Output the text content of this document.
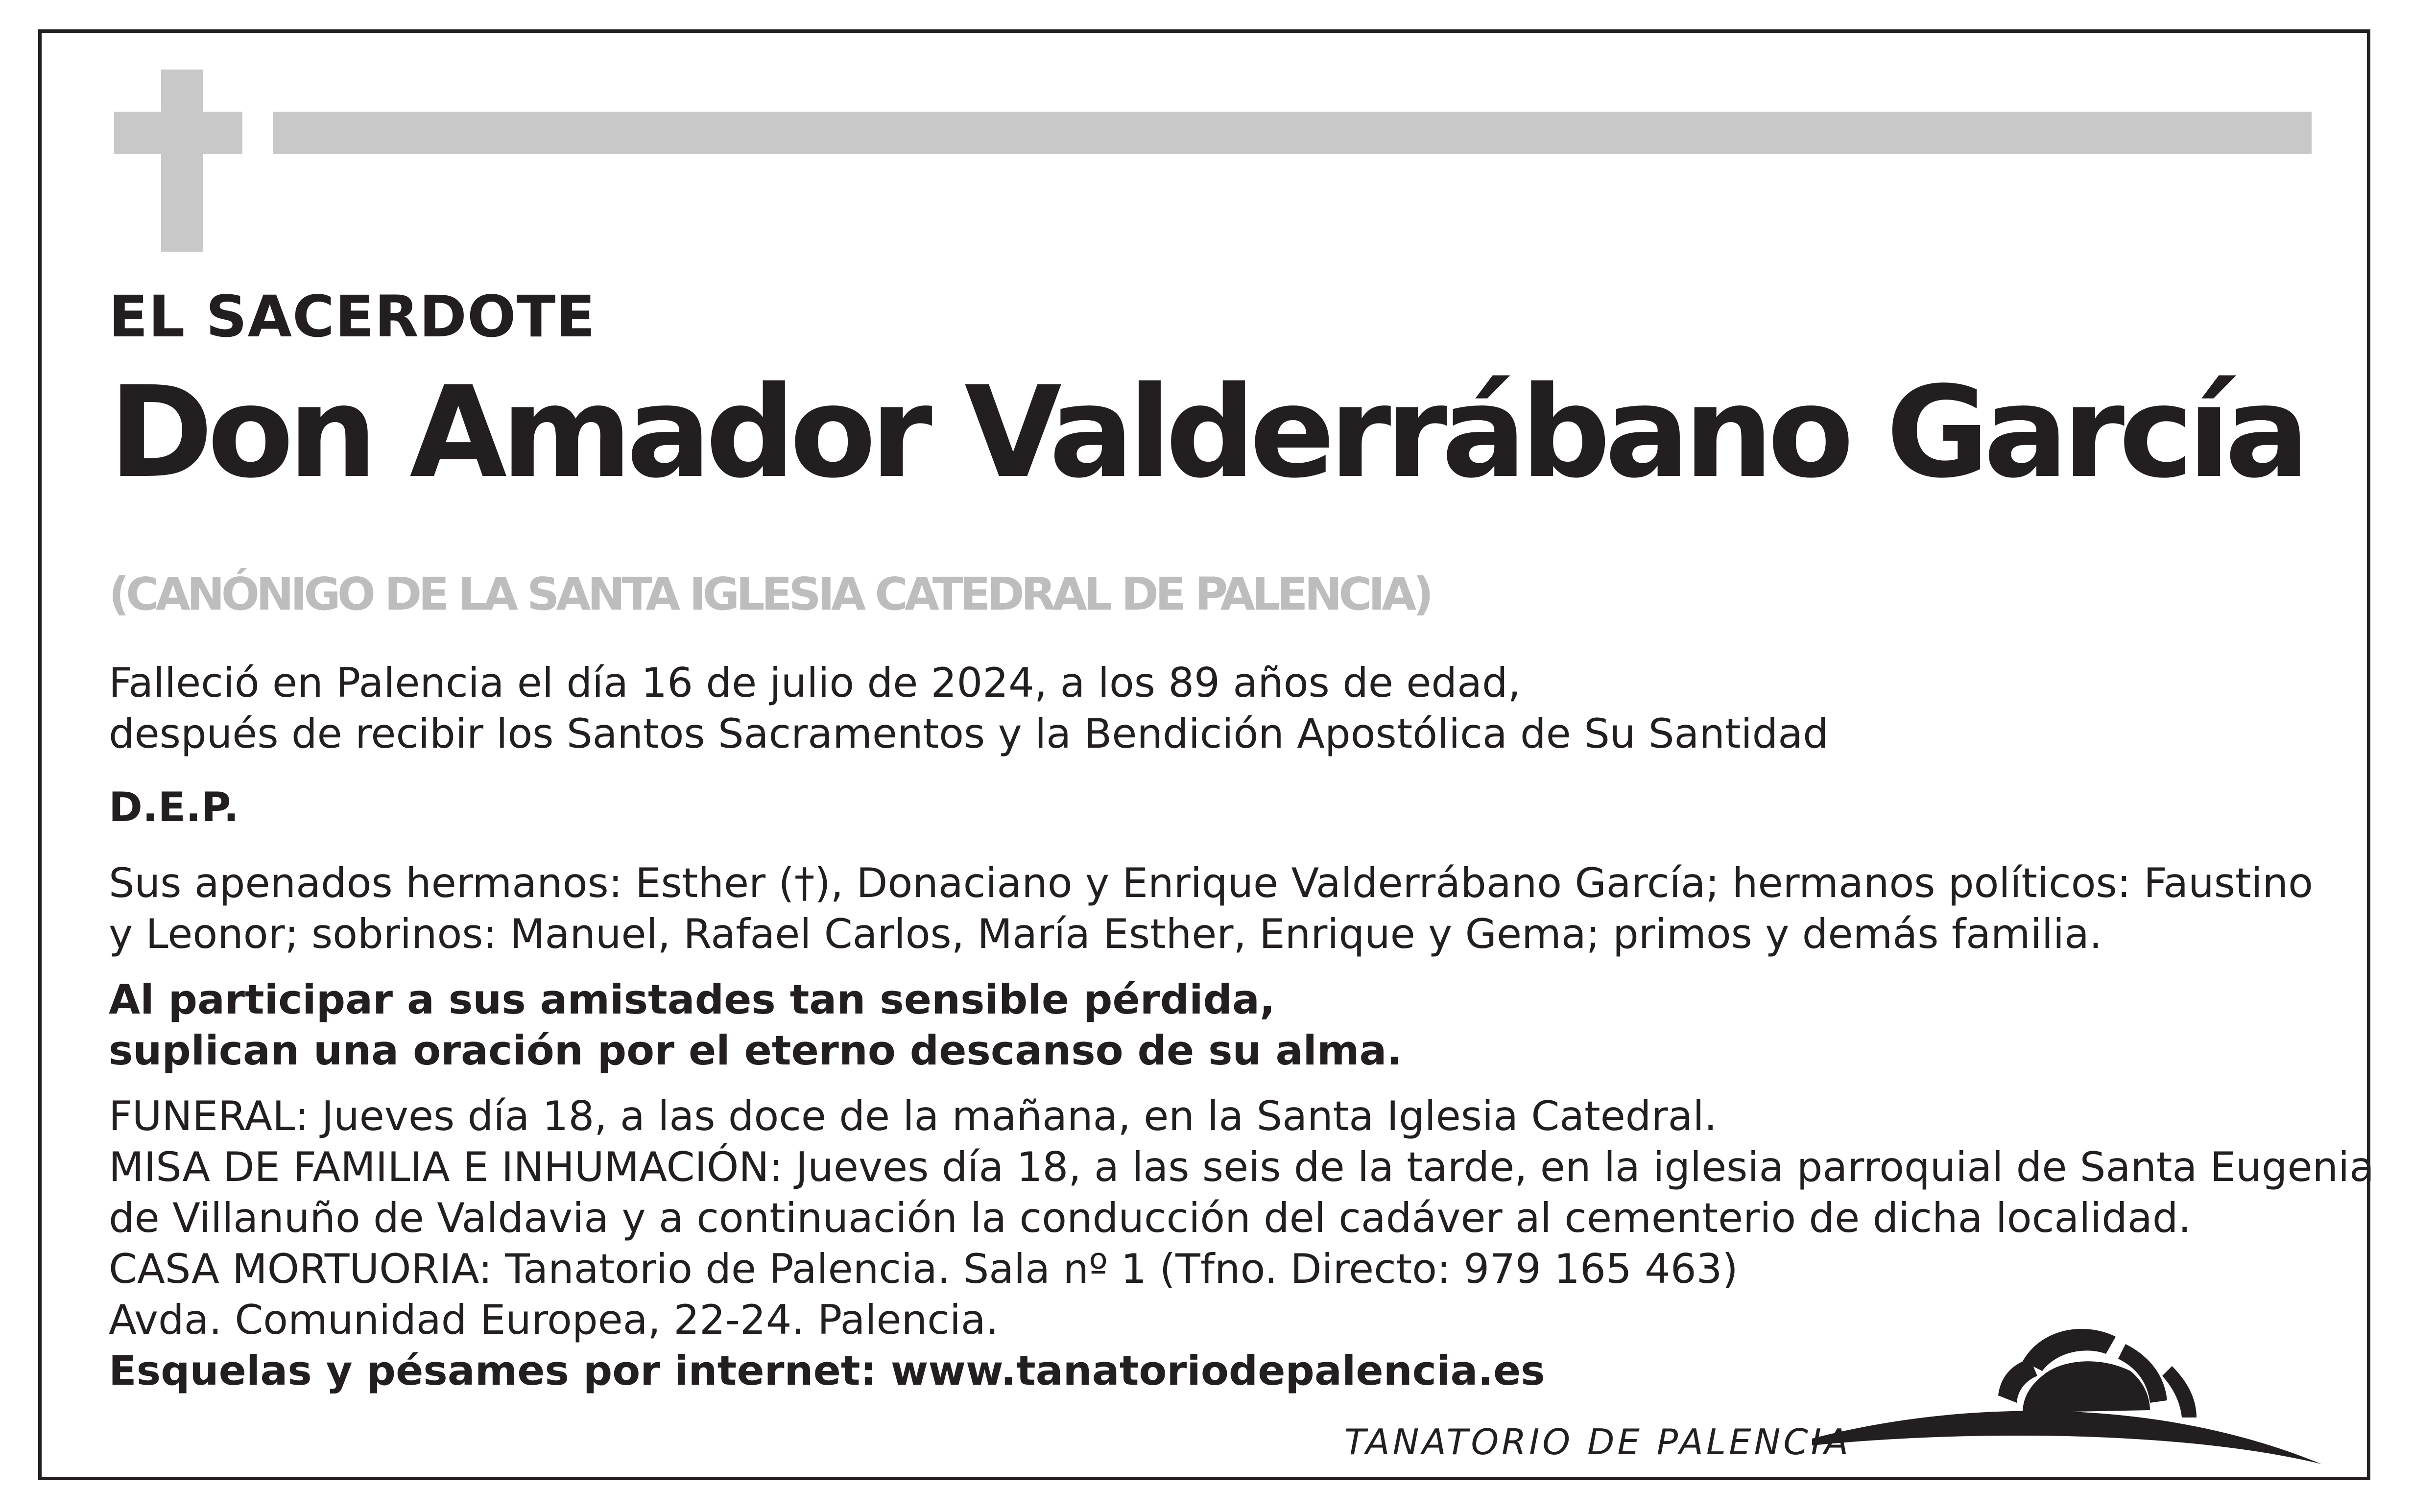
EL SACERDOTE
Don Amador Valderrábano García
(CANÓNIGO DE LA SANTA IGLESIA CATEDRAL DE PALENCIA)
Falleció en Palencia el día 16 de julio de 2024, a los 89 años de edad,
después de recibir los Santos Sacramentos y la Bendición Apostólica de Su Santidad
D.E.P.
Sus apenados hermanos: Esther (†), Donaciano y Enrique Valderrábano García; hermanos políticos: Faustino
y Leonor; sobrinos: Manuel, Rafael Carlos, María Esther, Enrique y Gema; primos y demás familia.
Al participar a sus amistades tan sensible pérdida,
suplican una oración por el eterno descanso de su alma.
FUNERAL: Jueves día 18, a las doce de la mañana, en la Santa Iglesia Catedral.
MISA DE FAMILIA E INHUMACIÓN: Jueves día 18, a las seis de la tarde, en la iglesia parroquial de Santa Eugenia
de Villanuño de Valdavia y a continuación la conducción del cadáver al cementerio de dicha localidad.
CASA MORTUORIA: Tanatorio de Palencia. Sala nº 1 (Tfno. Directo: 979 165 463)
Avda. Comunidad Europea, 22-24. Palencia.
Esquelas y pésames por internet: www.tanatoriodepalencia.es
TANATORIO DE PALENCIA
